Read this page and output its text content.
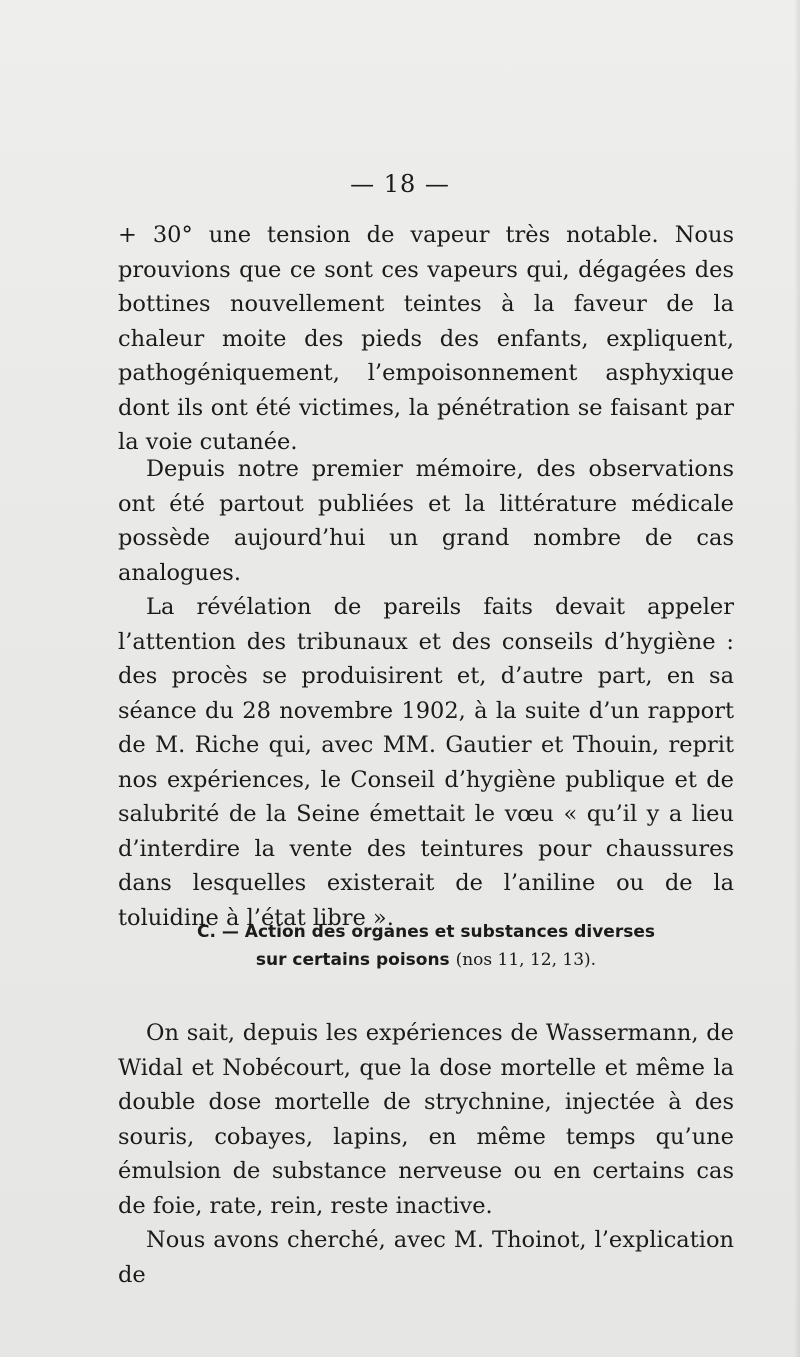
— 18 —

+ 30° une tension de vapeur très notable. Nous prouvions que ce sont ces vapeurs qui, dégagées des bottines nouvellement teintes à la faveur de la chaleur moite des pieds des enfants, expliquent, pathogéniquement, l’empoisonnement asphyxique dont ils ont été victimes, la pénétration se faisant par la voie cutanée.

Depuis notre premier mémoire, des observations ont été partout publiées et la littérature médicale possède aujourd’hui un grand nombre de cas analogues.

La révélation de pareils faits devait appeler l’attention des tribunaux et des conseils d’hygiène : des procès se produisirent et, d’autre part, en sa séance du 28 novembre 1902, à la suite d’un rapport de M. Riche qui, avec MM. Gautier et Thouin, reprit nos expériences, le Conseil d’hygiène publique et de salubrité de la Seine émettait le vœu « qu’il y a lieu d’interdire la vente des teintures pour chaussures dans lesquelles existerait de l’aniline ou de la toluidine à l’état libre ».

C. — Action des organes et substances diverses
sur certains poisons (nos 11, 12, 13).

On sait, depuis les expériences de Wassermann, de Widal et Nobécourt, que la dose mortelle et même la double dose mortelle de strychnine, injectée à des souris, cobayes, lapins, en même temps qu’une émulsion de substance nerveuse ou en certains cas de foie, rate, rein, reste inactive.

Nous avons cherché, avec M. Thoinot, l’explication de
